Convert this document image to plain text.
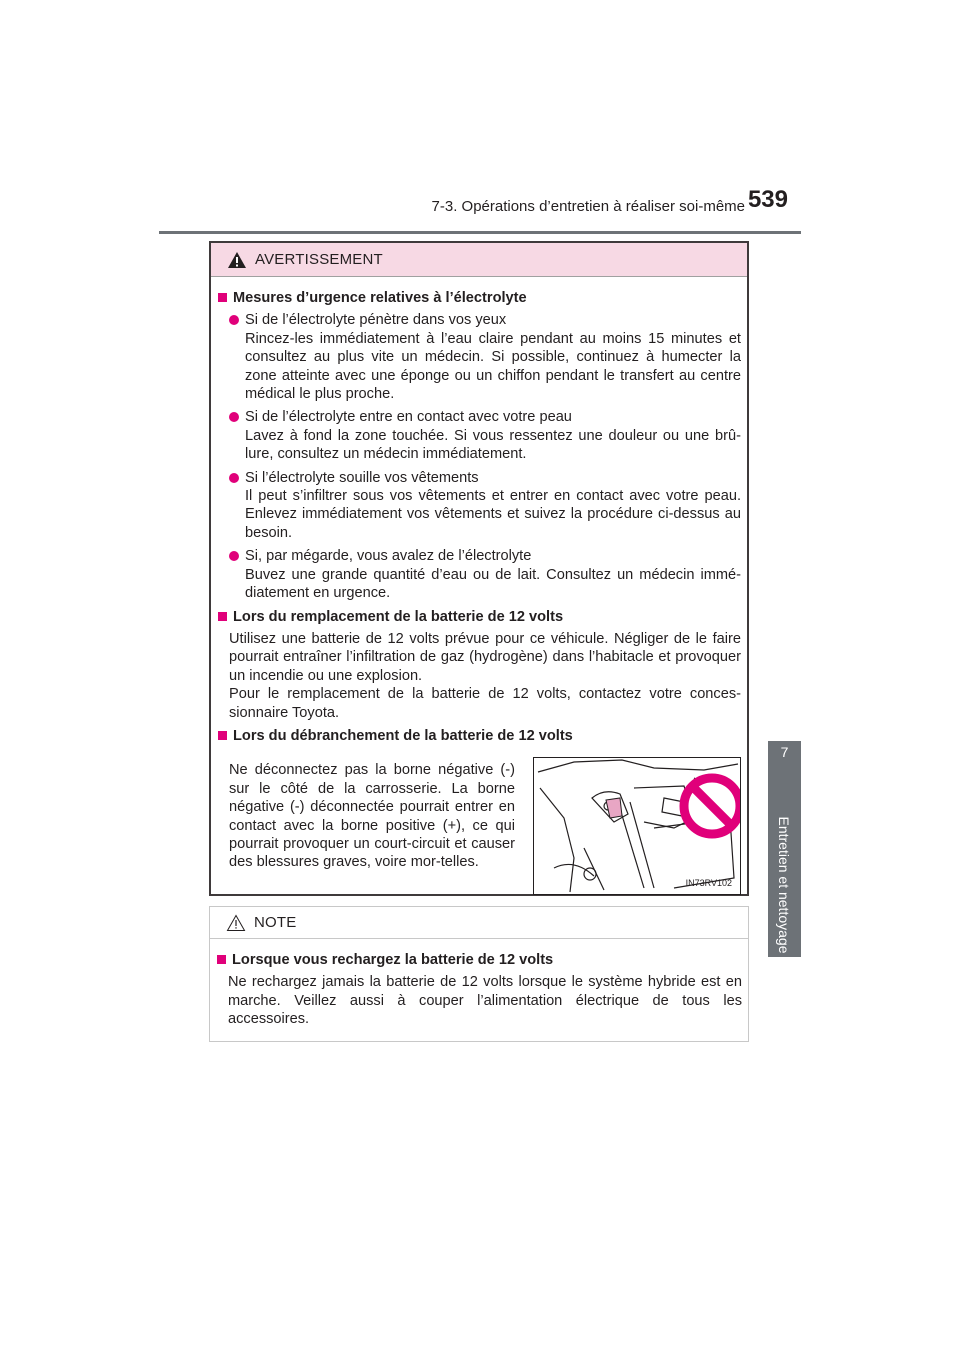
7-3. Opérations d’entretien à réaliser soi-même 539
7
Entretien et nettoyage
AVERTISSEMENT
Mesures d’urgence relatives à l’électrolyte
Si de l’électrolyte pénètre dans vos yeux
Rincez-les immédiatement à l’eau claire pendant au moins 15 minutes et consultez au plus vite un médecin. Si possible, continuez à humecter la zone atteinte avec une éponge ou un chiffon pendant le transfert au centre médical le plus proche.
Si de l’électrolyte entre en contact avec votre peau
Lavez à fond la zone touchée. Si vous ressentez une douleur ou une brû-lure, consultez un médecin immédiatement.
Si l’électrolyte souille vos vêtements
Il peut s’infiltrer sous vos vêtements et entrer en contact avec votre peau. Enlevez immédiatement vos vêtements et suivez la procédure ci-dessus au besoin.
Si, par mégarde, vous avalez de l’électrolyte
Buvez une grande quantité d’eau ou de lait. Consultez un médecin immé-diatement en urgence.
Lors du remplacement de la batterie de 12 volts
Utilisez une batterie de 12 volts prévue pour ce véhicule. Négliger de le faire pourrait entraîner l’infiltration de gaz (hydrogène) dans l’habitacle et provoquer un incendie ou une explosion.
Pour le remplacement de la batterie de 12 volts, contactez votre conces-sionnaire Toyota.
Lors du débranchement de la batterie de 12 volts
Ne déconnectez pas la borne négative (-) sur le côté de la carrosserie. La borne négative (-) déconnectée pourrait entrer en contact avec la borne positive (+), ce qui pourrait provoquer un court-circuit et causer des blessures graves, voire mor-telles.
IN73RV102
NOTE
Lorsque vous rechargez la batterie de 12 volts
Ne rechargez jamais la batterie de 12 volts lorsque le système hybride est en marche. Veillez aussi à couper l’alimentation électrique de tous les accessoires.
